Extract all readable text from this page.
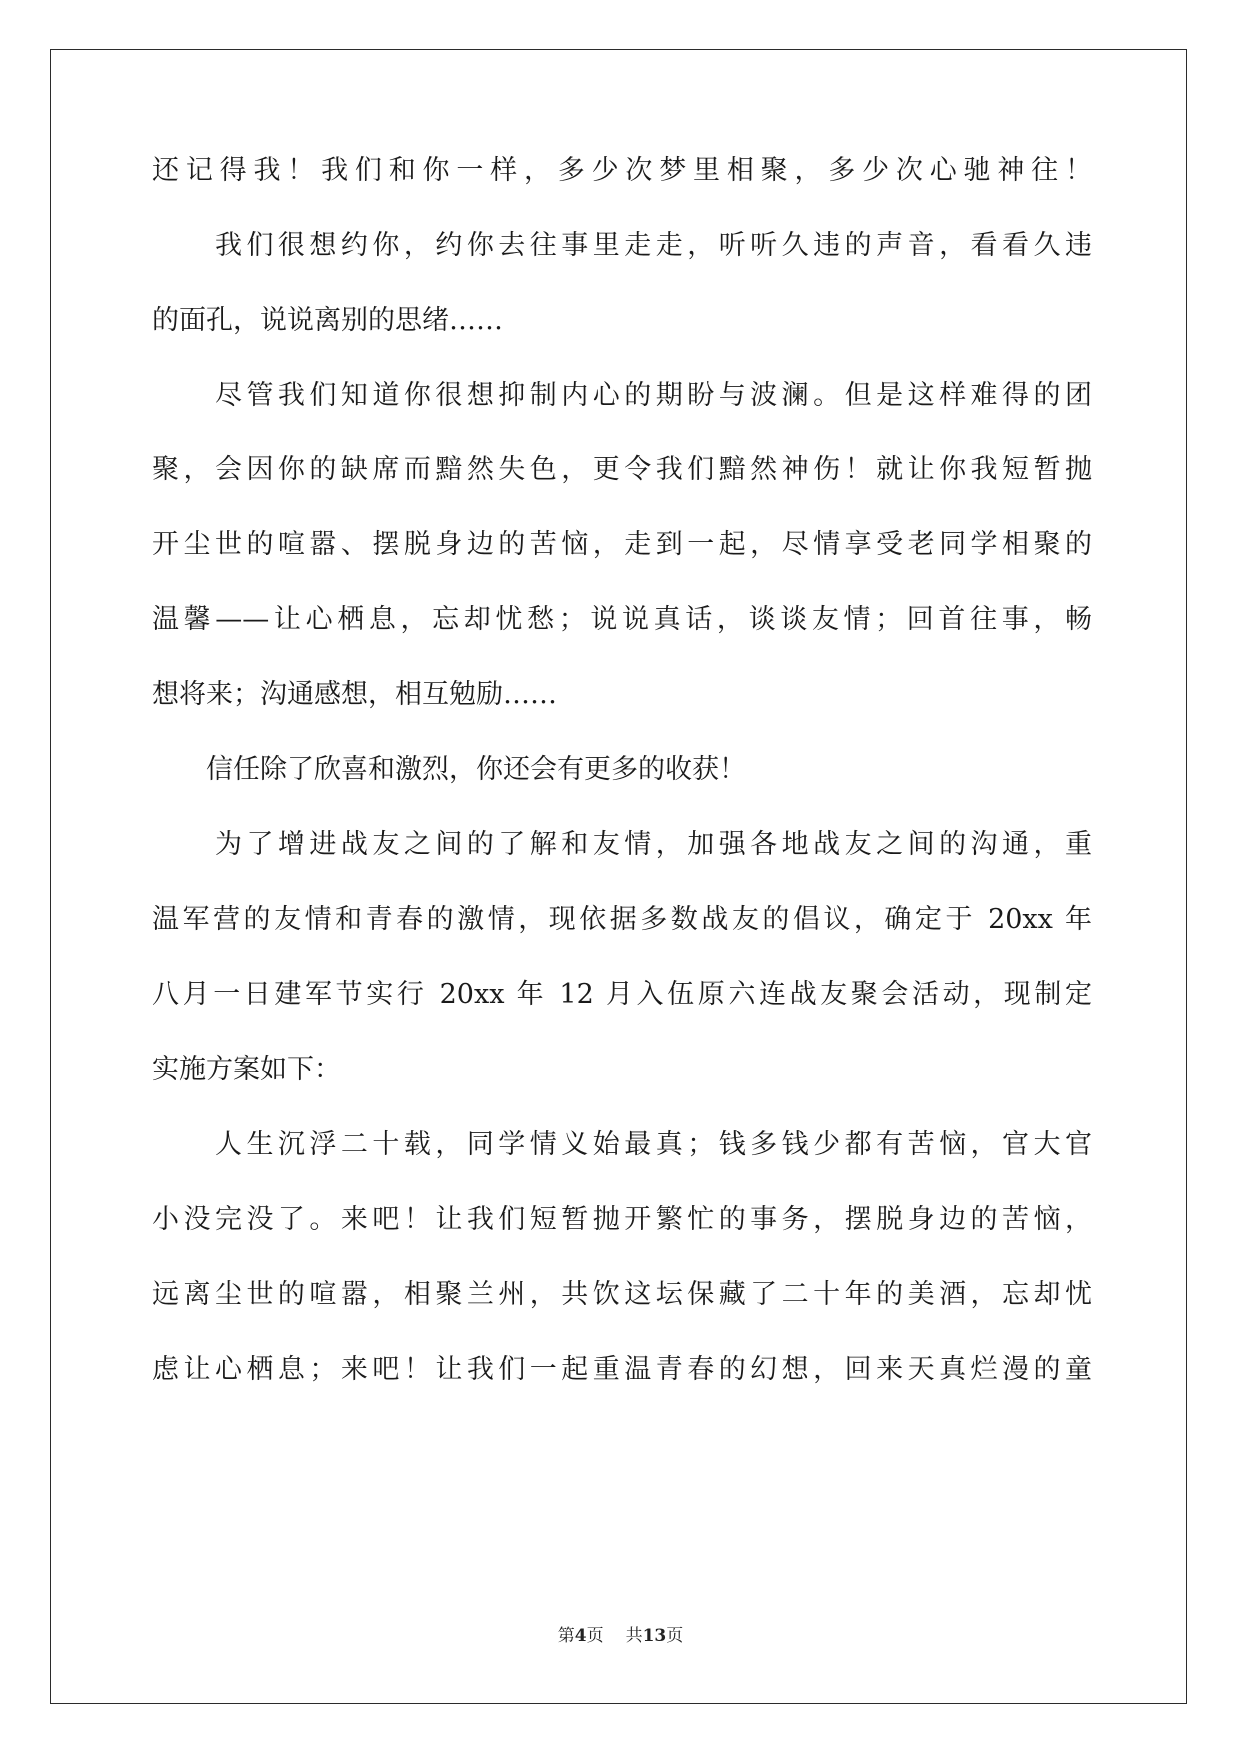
还记得我！我们和你一样，多少次梦里相聚，多少次心驰神往！
　　我们很想约你，约你去往事里走走，听听久违的声音，看看久违
的面孔，说说离别的思绪……
　　尽管我们知道你很想抑制内心的期盼与波澜。但是这样难得的团
聚，会因你的缺席而黯然失色，更令我们黯然神伤！就让你我短暂抛
开尘世的喧嚣、摆脱身边的苦恼，走到一起，尽情享受老同学相聚的
温馨——让心栖息，忘却忧愁；说说真话，谈谈友情；回首往事，畅
想将来；沟通感想，相互勉励……
　　信任除了欣喜和激烈，你还会有更多的收获！
　　为了增进战友之间的了解和友情，加强各地战友之间的沟通，重
温军营的友情和青春的激情，现依据多数战友的倡议，确定于 20xx 年
八月一日建军节实行 20xx 年 12 月入伍原六连战友聚会活动，现制定
实施方案如下：
　　人生沉浮二十载，同学情义始最真；钱多钱少都有苦恼，官大官
小没完没了。来吧！让我们短暂抛开繁忙的事务，摆脱身边的苦恼，
远离尘世的喧嚣，相聚兰州，共饮这坛保藏了二十年的美酒，忘却忧
虑让心栖息；来吧！让我们一起重温青春的幻想，回来天真烂漫的童
第4页 共13页
